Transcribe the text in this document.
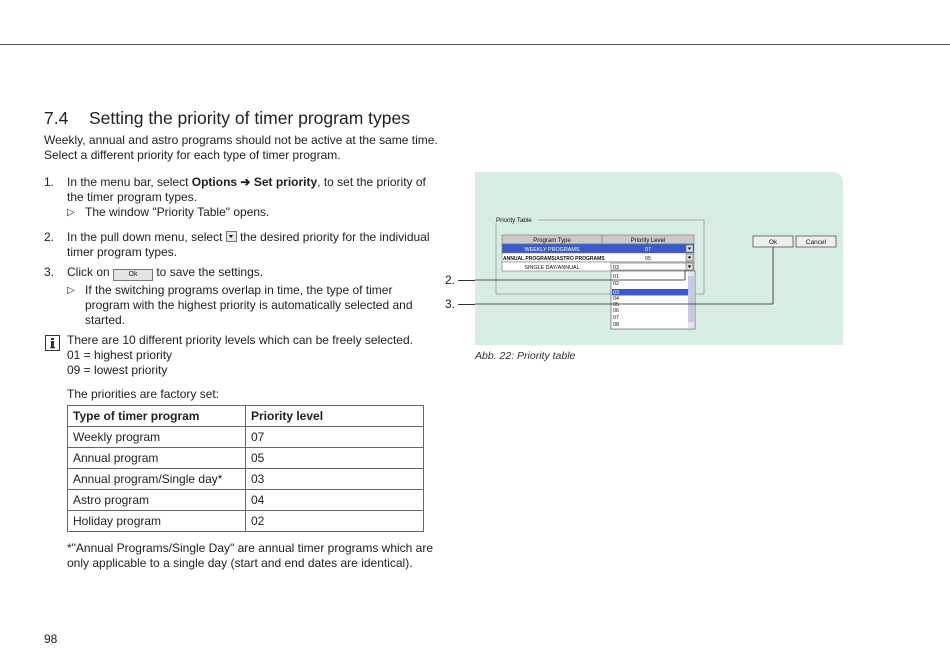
7.4 Setting the priority of timer program types
Weekly, annual and astro programs should not be active at the same time. Select a different priority for each type of timer program.
1. In the menu bar, select Options ➔ Set priority, to set the priority of the timer program types.
▷ The window "Priority Table" opens.
2. In the pull down menu, select  the desired priority for the individual timer program types.
3. Click on Ok to save the settings.
▷ If the switching programs overlap in time, the type of timer program with the highest priority is automatically selected and started.
There are 10 different priority levels which can be freely selected.
01 = highest priority
09 = lowest priority
The priorities are factory set:
Type of timer program	Priority level
Weekly program	07
Annual program	05
Annual program/Single day*	03
Astro program	04
Holiday program	02
*"Annual Programs/Single Day" are annual timer programs which are only applicable to a single day (start and end dates are identical).
98
Priority Table
Program Type	Priority Level
WEEKLY PROGRAMS	07
ANNUAL PROGRAMS/ASTRO PROGRAMS	05
SINGLE DAY/ANNUAL	03
01
02
03
04
05
06
07
08
Ok	Cancel
2.
3.
Abb. 22: Priority table
